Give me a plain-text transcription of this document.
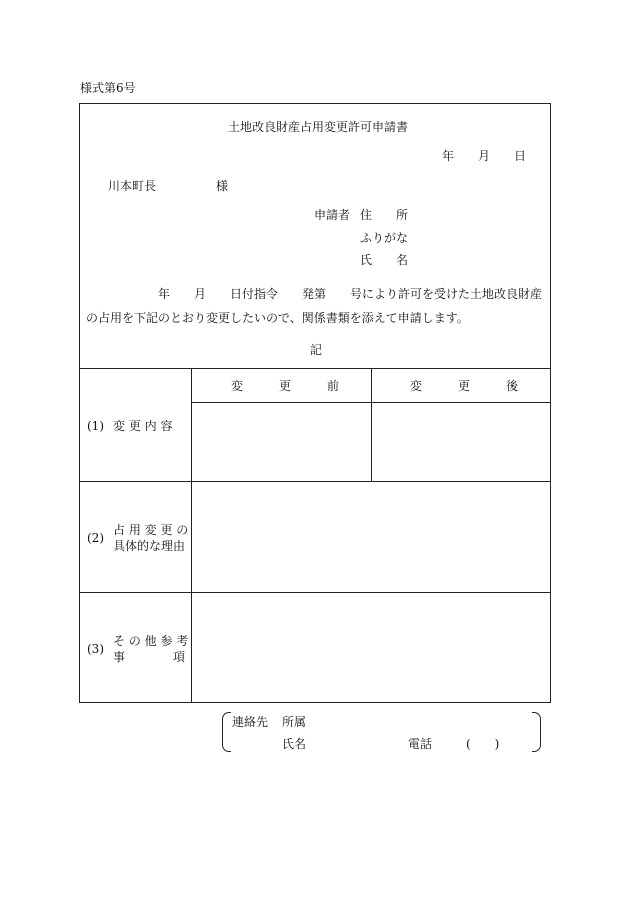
様式第6号
土地改良財産占用変更許可申請書
年　　月　　日
川本町長　　　　　様
申請者 住　　所
ふりがな
氏　　名
　　　　　　年　　月　　日付指令　　発第　　号により許可を受けた土地改良財産の占用を下記のとおり変更したいので、関係書類を添えて申請します。
記
変　　　更　　　前	変　　　更　　　後
(1) 変 更 内 容
(2)
占 用 変 更 の
具体的な理由
(3)
そ の 他 参 考
事　　　　項
連絡先 所属
氏名	電話	(　　)
